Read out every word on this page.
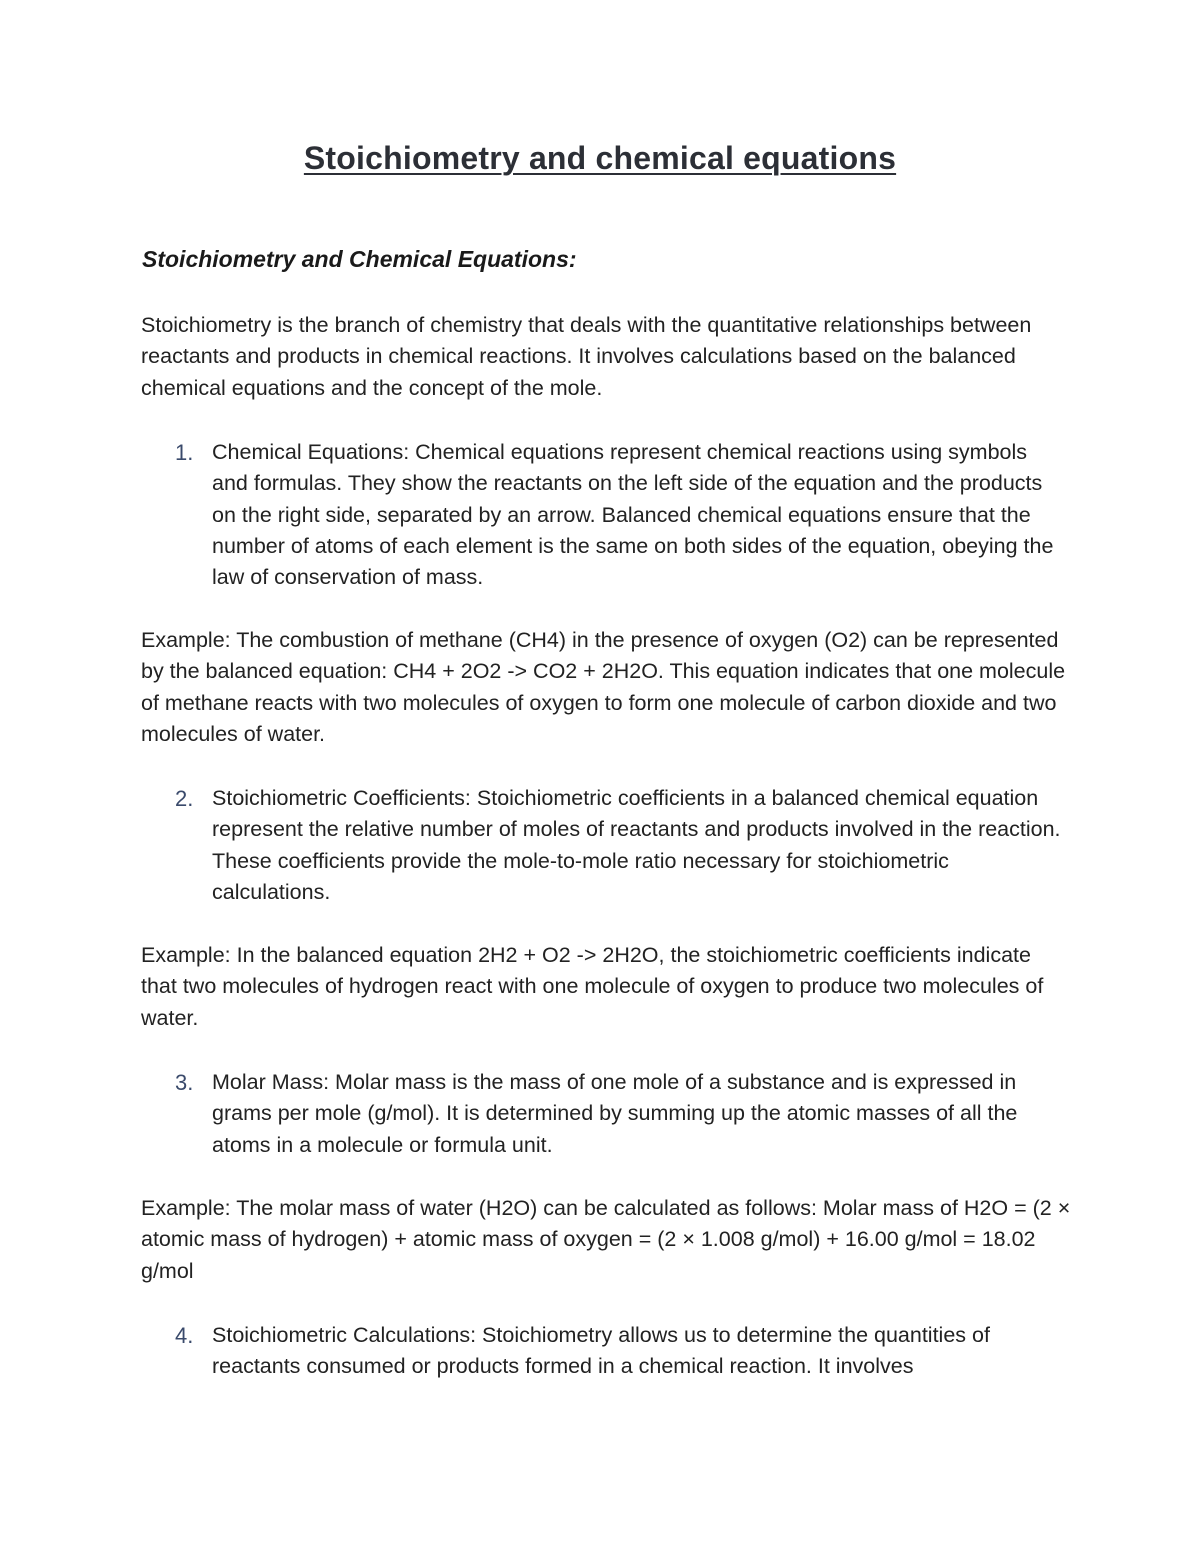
Stoichiometry and chemical equations
Stoichiometry and Chemical Equations:
Stoichiometry is the branch of chemistry that deals with the quantitative relationships between reactants and products in chemical reactions. It involves calculations based on the balanced chemical equations and the concept of the mole.
1. Chemical Equations: Chemical equations represent chemical reactions using symbols and formulas. They show the reactants on the left side of the equation and the products on the right side, separated by an arrow. Balanced chemical equations ensure that the number of atoms of each element is the same on both sides of the equation, obeying the law of conservation of mass.
Example: The combustion of methane (CH4) in the presence of oxygen (O2) can be represented by the balanced equation: CH4 + 2O2 -> CO2 + 2H2O. This equation indicates that one molecule of methane reacts with two molecules of oxygen to form one molecule of carbon dioxide and two molecules of water.
2. Stoichiometric Coefficients: Stoichiometric coefficients in a balanced chemical equation represent the relative number of moles of reactants and products involved in the reaction. These coefficients provide the mole-to-mole ratio necessary for stoichiometric calculations.
Example: In the balanced equation 2H2 + O2 -> 2H2O, the stoichiometric coefficients indicate that two molecules of hydrogen react with one molecule of oxygen to produce two molecules of water.
3. Molar Mass: Molar mass is the mass of one mole of a substance and is expressed in grams per mole (g/mol). It is determined by summing up the atomic masses of all the atoms in a molecule or formula unit.
Example: The molar mass of water (H2O) can be calculated as follows: Molar mass of H2O = (2 × atomic mass of hydrogen) + atomic mass of oxygen = (2 × 1.008 g/mol) + 16.00 g/mol = 18.02 g/mol
4. Stoichiometric Calculations: Stoichiometry allows us to determine the quantities of reactants consumed or products formed in a chemical reaction. It involves
